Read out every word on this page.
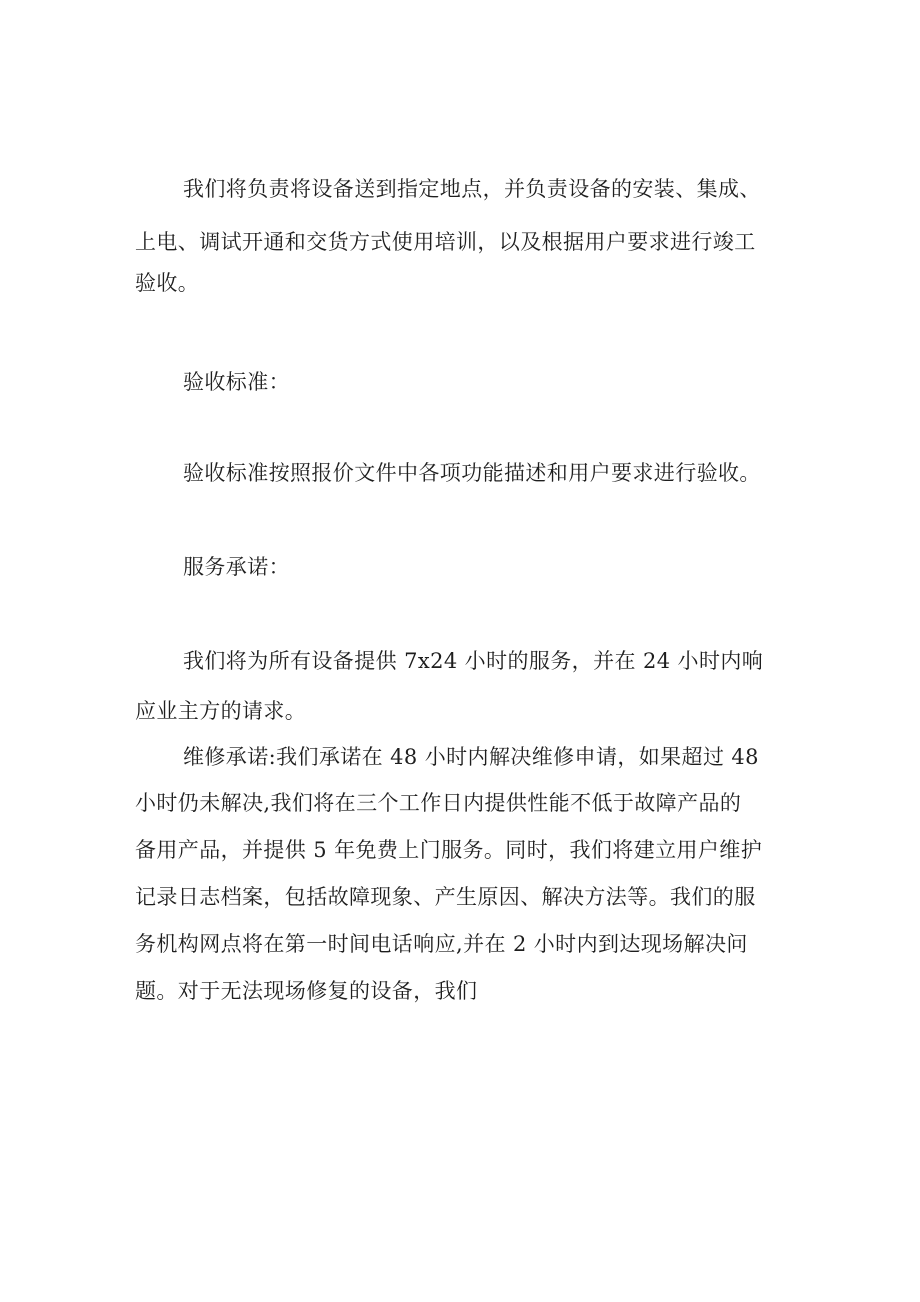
我们将负责将设备送到指定地点，并负责设备的安装、集成、

上电、调试开通和交货方式使用培训，以及根据用户要求进行竣工

验收。

验收标准：

验收标准按照报价文件中各项功能描述和用户要求进行验收。

服务承诺：

我们将为所有设备提供 7x24 小时的服务，并在 24 小时内响

应业主方的请求。

维修承诺:我们承诺在 48 小时内解决维修申请，如果超过 48

小时仍未解决,我们将在三个工作日内提供性能不低于故障产品的

备用产品，并提供 5 年免费上门服务。同时，我们将建立用户维护

记录日志档案，包括故障现象、产生原因、解决方法等。我们的服

务机构网点将在第一时间电话响应,并在 2 小时内到达现场解决问

题。对于无法现场修复的设备，我们
